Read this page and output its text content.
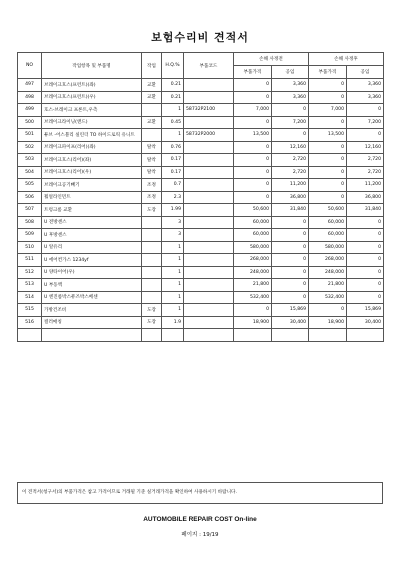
보험수리비 견적서
NO	작업항목 및 부품명	작업	H.Q.%	부품코드	손해 사정전		손해 사정후	
					부품가격	공임	부품가격	공임
497	브레이크호스(프런트)(좌)	교환	0.21		0	3,360	0	3,360
498	브레이크호스(프런트)(우)	교환	0.21		0	3,360	0	3,360
499	호스-브레이크 프론트,우측		1	58732P2100	7,000	0	7,000	0
500	브레이크라이닝(앤드)	교환	0.45		0	7,200	0	7,200
501	튜브 -어스블리 실린더 TO 하이드로릭 유니트		1	58732P2000	13,500	0	13,500	0
502	브레이크파이프(리어)(좌)	탈착	0.76		0	12,160	0	12,160
503	브레이크호스(리어)(좌)	탈착	0.17		0	2,720	0	2,720
504	브레이크호스(리어)(우)	탈착	0.17		0	2,720	0	2,720
505	브레이크공기빼기	조정	0.7		0	11,200	0	11,200
506	휠얼라인먼트	조정	2.3		0	36,800	0	36,800
507	트렁크룸 교환	도장	1.99		50,600	31,840	50,600	31,840
508	U 전방센스		3		60,000	0	60,000	0
509	U 후방센스		3		60,000	0	60,000	0
510	U 알유리		1		580,000	0	580,000	0
511	U 에어컨가스 1234yf		1		268,000	0	268,000	0
512	U 양타이어(우)		1		248,000	0	248,000	0
513	U 부동액		1		21,800	0	21,800	0
514	U 엔진룸박스퓨즈박스베센		1		532,400	0	532,400	0
515	가방건조비	도장	1		0	15,869	0	15,869
516	컬러매칭	도장	1.9		18,900	30,400	18,900	30,400

이 견적서(청구서)의 부품가격은 참고 가격이므로 거래될 기준 실거래가격을 확인하여 사용하시기 바랍니다.
AUTOMOBILE REPAIR COST On-line
페이지 : 19/19
